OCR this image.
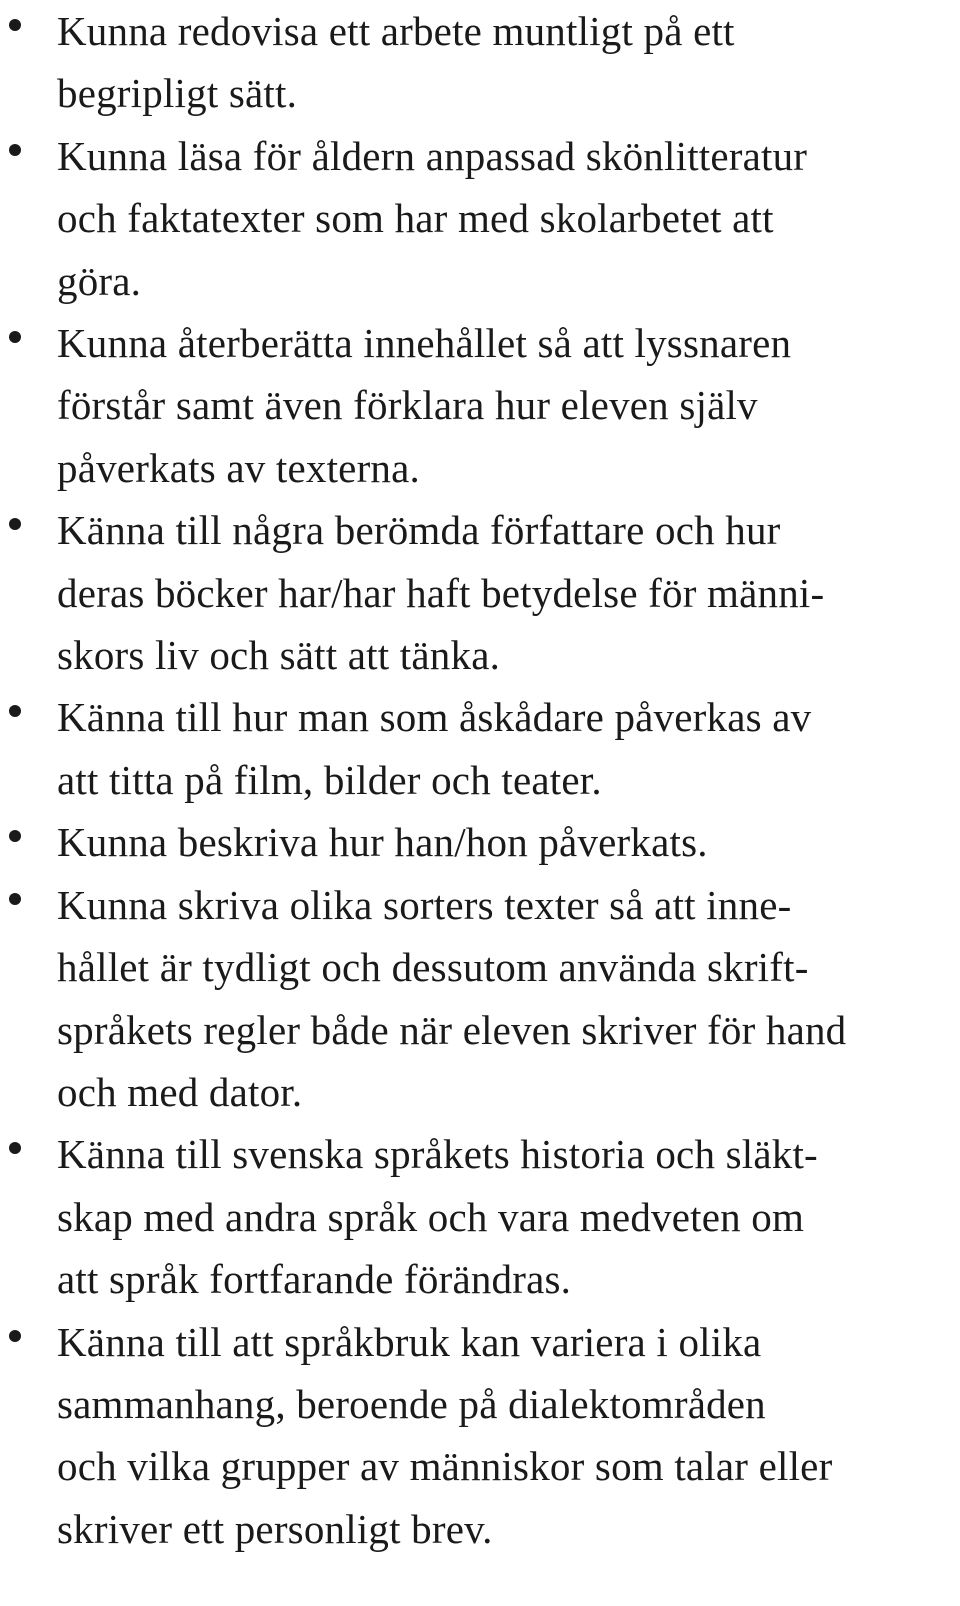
Kunna redovisa ett arbete muntligt på ett
begripligt sätt.
Kunna läsa för åldern anpassad skönlitteratur
och faktatexter som har med skolarbetet att
göra.
Kunna återberätta innehållet så att lyssnaren
förstår samt även förklara hur eleven själv
påverkats av texterna.
Känna till några berömda författare och hur
deras böcker har/har haft betydelse för männi-
skors liv och sätt att tänka.
Känna till hur man som åskådare påverkas av
att titta på film, bilder och teater.
Kunna beskriva hur han/hon påverkats.
Kunna skriva olika sorters texter så att inne-
hållet är tydligt och dessutom använda skrift-
språkets regler både när eleven skriver för hand
och med dator.
Känna till svenska språkets historia och släkt-
skap med andra språk och vara medveten om
att språk fortfarande förändras.
Känna till att språkbruk kan variera i olika
sammanhang, beroende på dialektområden
och vilka grupper av människor som talar eller
skriver ett personligt brev.
